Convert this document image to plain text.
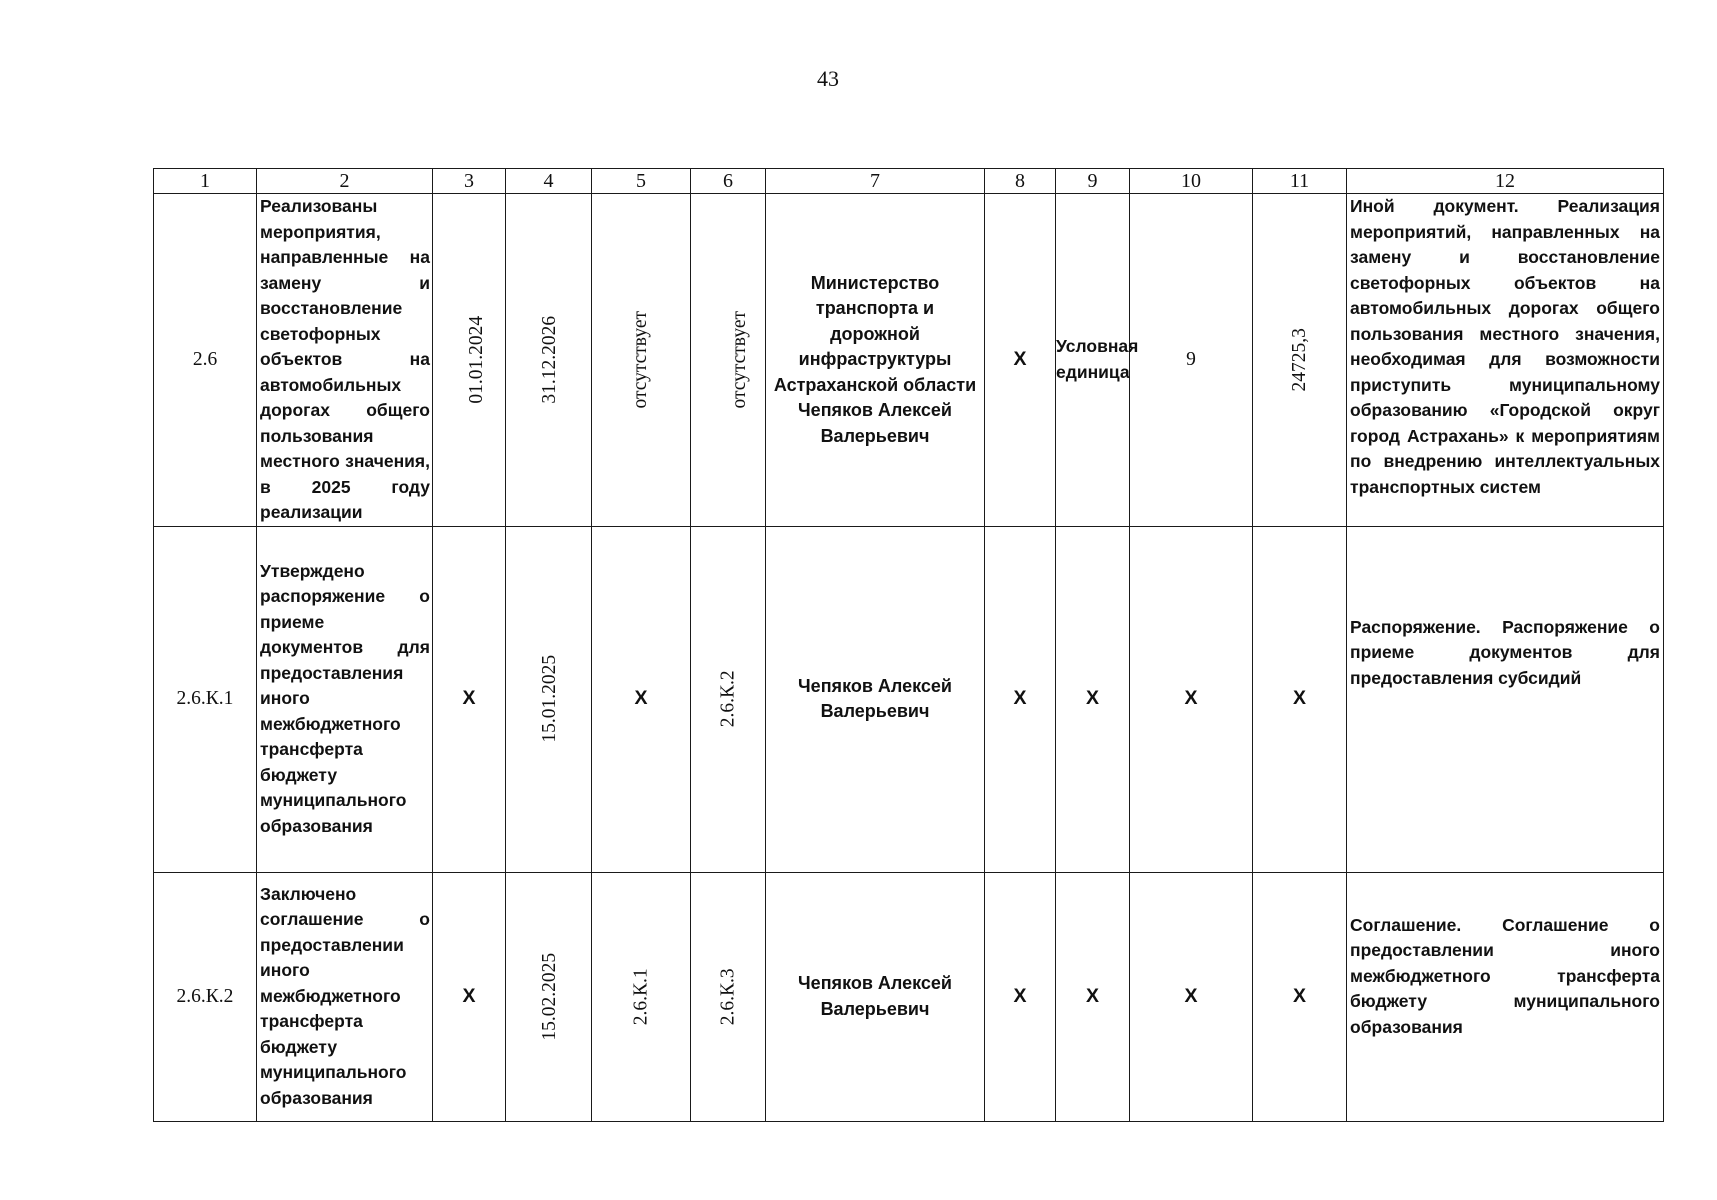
43
1	2	3	4	5	6	7	8	9	10	11	12
2.6	Реализованы мероприятия, направленные на замену и восстановление светофорных объектов на автомобильных дорогах общего пользования местного значения, в 2025 году реализации	01.01.2024	31.12.2026	отсутствует	отсутствует	Министерство транспорта и дорожной инфраструктуры Астраханской области Чепяков Алексей Валерьевич	X	Условная единица	9	24725,3	Иной документ. Реализация мероприятий, направленных на замену и восстановление светофорных объектов на автомобильных дорогах общего пользования местного значения, необходимая для возможности приступить муниципальному образованию «Городской округ город Астрахань» к мероприятиям по внедрению интеллектуальных транспортных систем
2.6.К.1	Утверждено распоряжение о приеме документов для предоставления иного межбюджетного трансферта бюджету муниципального образования	X	15.01.2025	X	2.6.К.2	Чепяков Алексей Валерьевич	X	X	X	X	Распоряжение. Распоряжение о приеме документов для предоставления субсидий
2.6.К.2	Заключено соглашение о предоставлении иного межбюджетного трансферта бюджету муниципального образования	X	15.02.2025	2.6.К.1	2.6.К.3	Чепяков Алексей Валерьевич	X	X	X	X	Соглашение. Соглашение о предоставлении иного межбюджетного трансферта бюджету муниципального образования
